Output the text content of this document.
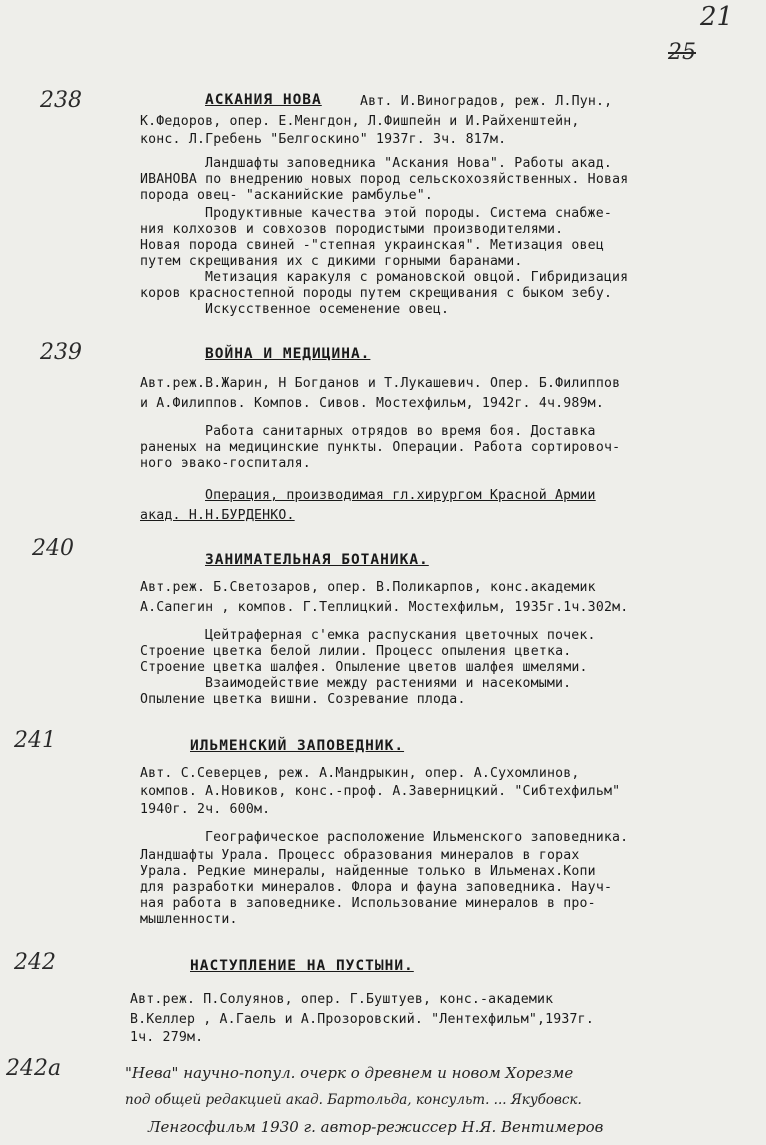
21
25
238	АСКАНИЯ НОВА	Авт. И.Виноградов, реж. Л.Пун.,
К.Федоров, опер. Е.Менгдон, Л.Фишпейн и И.Райхенштейн,
конс. Л.Гребень "Белгоскино" 1937г. 3ч. 817м.
Ландшафты заповедника "Аскания Нова". Работы акад.
ИВАНОВА по внедрению новых пород сельскохозяйственных. Новая
порода овец- "асканийские рамбулье".
Продуктивные качества этой породы. Система снабже-
ния колхозов и совхозов породистыми производителями.
Новая порода свиней -"степная украинская". Метизация овец
путем скрещивания их с дикими горными баранами.
Метизация каракуля с романовской овцой. Гибридизация
коров красностепной породы путем скрещивания с быком зебу.
Искусственное осеменение овец.
239	ВОЙНА И МЕДИЦИНА.
Авт.реж.В.Жарин, Н Богданов и Т.Лукашевич. Опер. Б.Филиппов
и А.Филиппов. Компов. Сивов. Мостехфильм, 1942г. 4ч.989м.
Работа санитарных отрядов во время боя. Доставка
раненых на медицинские пункты. Операции. Работа сортировоч-
ного эвако-госпиталя.
Операция, производимая гл.хирургом Красной Армии
акад. Н.Н.БУРДЕНКО.
240	ЗАНИМАТЕЛЬНАЯ БОТАНИКА.
Авт.реж. Б.Светозаров, опер. В.Поликарпов, конс.академик
А.Сапегин , компов. Г.Теплицкий. Мостехфильм, 1935г.1ч.302м.
Цейтраферная с'емка распускания цветочных почек.
Строение цветка белой лилии. Процесс опыления цветка.
Строение цветка шалфея. Опыление цветов шалфея шмелями.
Взаимодействие между растениями и насекомыми.
Опыление цветка вишни. Созревание плода.
241	ИЛЬМЕНСКИЙ ЗАПОВЕДНИК.
Авт. С.Северцев, реж. А.Мандрыкин, опер. А.Сухомлинов,
компов. А.Новиков, конс.-проф. А.Заверницкий. "Сибтехфильм"
1940г. 2ч. 600м.
Географическое расположение Ильменского заповедника.
Ландшафты Урала. Процесс образования минералов в горах
Урала. Редкие минералы, найденные только в Ильменах.Копи
для разработки минералов. Флора и фауна заповедника. Науч-
ная работа в заповеднике. Использование минералов в про-
мышленности.
242	НАСТУПЛЕНИЕ НА ПУСТЫНИ.
Авт.реж. П.Солуянов, опер. Г.Буштуев, конс.-академик
В.Келлер , А.Гаель и А.Прозоровский. "Лентехфильм",1937г.
1ч. 279м.
242а	"Нева" научно-попул. очерк о древнем и новом Хорезме
под общей редакцией акад. Бартольда, консульт. ... Якубовск.
Ленгосфильм 1930 г. автор-режиссер Н.Я. Вентимеров
